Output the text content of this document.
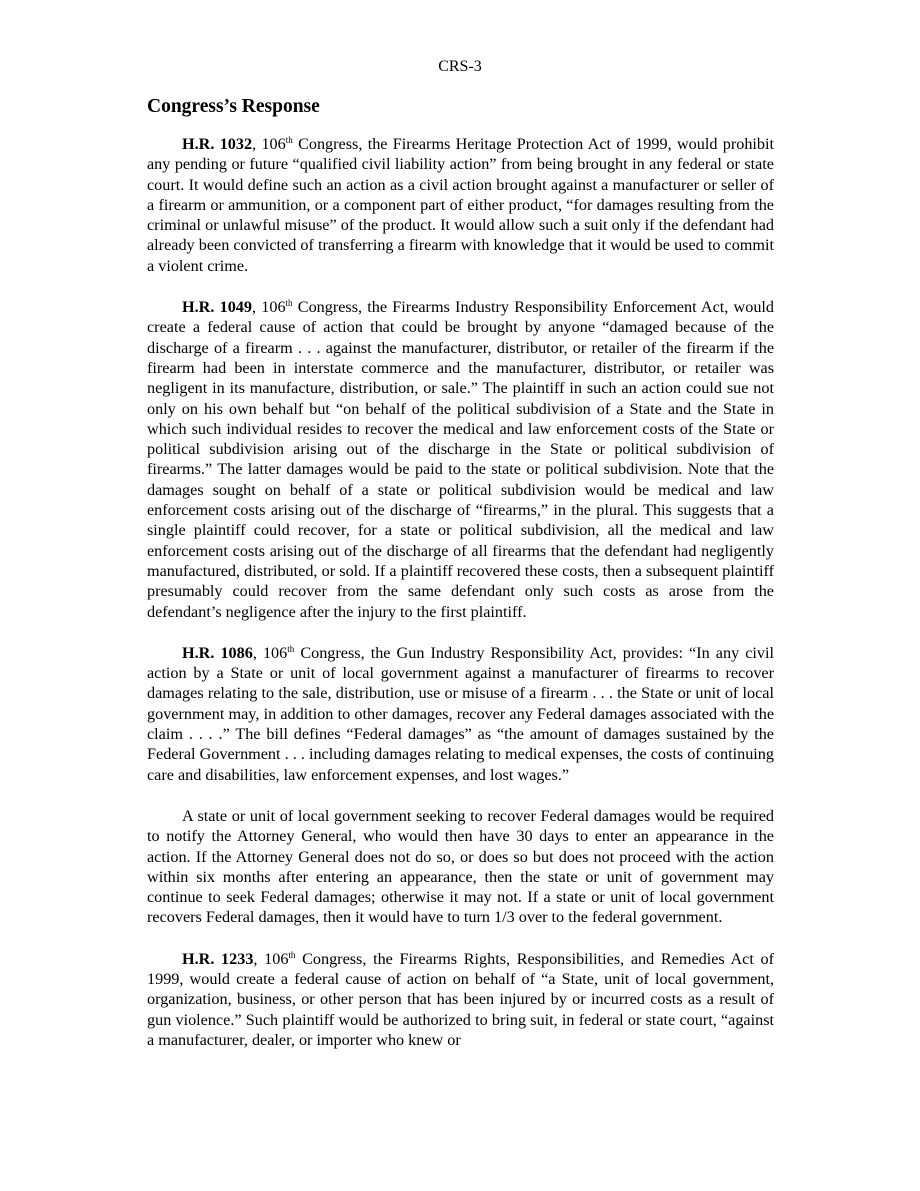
CRS-3
Congress’s Response

H.R. 1032, 106th Congress, the Firearms Heritage Protection Act of 1999, would prohibit any pending or future “qualified civil liability action” from being brought in any federal or state court. It would define such an action as a civil action brought against a manufacturer or seller of a firearm or ammunition, or a component part of either product, “for damages resulting from the criminal or unlawful misuse” of the product. It would allow such a suit only if the defendant had already been convicted of transferring a firearm with knowledge that it would be used to commit a violent crime.

H.R. 1049, 106th Congress, the Firearms Industry Responsibility Enforcement Act, would create a federal cause of action that could be brought by anyone “damaged because of the discharge of a firearm . . . against the manufacturer, distributor, or retailer of the firearm if the firearm had been in interstate commerce and the manufacturer, distributor, or retailer was negligent in its manufacture, distribution, or sale.” The plaintiff in such an action could sue not only on his own behalf but “on behalf of the political subdivision of a State and the State in which such individual resides to recover the medical and law enforcement costs of the State or political subdivision arising out of the discharge in the State or political subdivision of firearms.” The latter damages would be paid to the state or political subdivision. Note that the damages sought on behalf of a state or political subdivision would be medical and law enforcement costs arising out of the discharge of “firearms,” in the plural. This suggests that a single plaintiff could recover, for a state or political subdivision, all the medical and law enforcement costs arising out of the discharge of all firearms that the defendant had negligently manufactured, distributed, or sold. If a plaintiff recovered these costs, then a subsequent plaintiff presumably could recover from the same defendant only such costs as arose from the defendant’s negligence after the injury to the first plaintiff.

H.R. 1086, 106th Congress, the Gun Industry Responsibility Act, provides: “In any civil action by a State or unit of local government against a manufacturer of firearms to recover damages relating to the sale, distribution, use or misuse of a firearm . . . the State or unit of local government may, in addition to other damages, recover any Federal damages associated with the claim . . . .” The bill defines “Federal damages” as “the amount of damages sustained by the Federal Government . . . including damages relating to medical expenses, the costs of continuing care and disabilities, law enforcement expenses, and lost wages.”

A state or unit of local government seeking to recover Federal damages would be required to notify the Attorney General, who would then have 30 days to enter an appearance in the action. If the Attorney General does not do so, or does so but does not proceed with the action within six months after entering an appearance, then the state or unit of government may continue to seek Federal damages; otherwise it may not. If a state or unit of local government recovers Federal damages, then it would have to turn 1/3 over to the federal government.

H.R. 1233, 106th Congress, the Firearms Rights, Responsibilities, and Remedies Act of 1999, would create a federal cause of action on behalf of “a State, unit of local government, organization, business, or other person that has been injured by or incurred costs as a result of gun violence.” Such plaintiff would be authorized to bring suit, in federal or state court, “against a manufacturer, dealer, or importer who knew or
